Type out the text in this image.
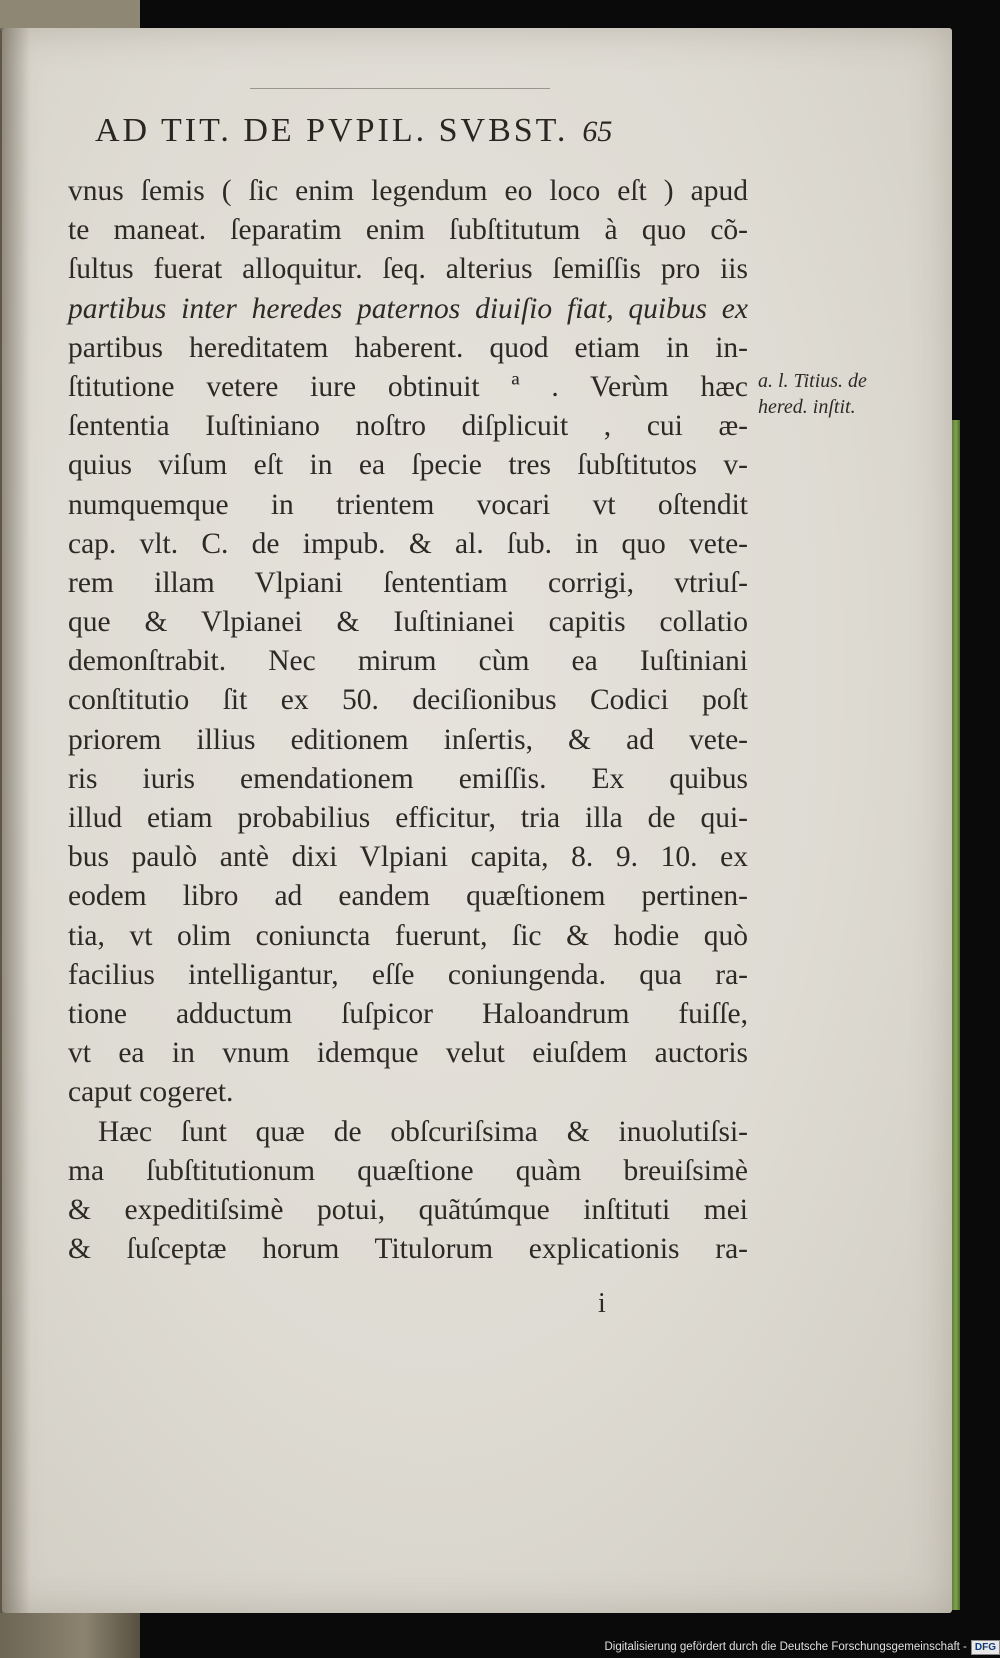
AD TIT. DE PVPIL. SVBST. 65
vnus ſemis ( ſic enim legendum eo loco eſt ) apud
te maneat. ſeparatim enim ſubſtitutum à quo cõ-
ſultus fuerat alloquitur. ſeq. alterius ſemiſſis pro iis
partibus inter heredes paternos diuiſio fiat, quibus ex
partibus hereditatem haberent. quod etiam in in-
ſtitutione vetere iure obtinuit ª . Verùm hæc
ſententia Iuſtiniano noſtro diſplicuit , cui æ-
quius viſum eſt in ea ſpecie tres ſubſtitutos v-
numquemque in trientem vocari vt oſtendit
cap. vlt. C. de impub. & al. ſub. in quo vete-
rem illam Vlpiani ſententiam corrigi, vtriuſ-
que & Vlpianei & Iuſtinianei capitis collatio
demonſtrabit. Nec mirum cùm ea Iuſtiniani
conſtitutio ſit ex 50. deciſionibus Codici poſt
priorem illius editionem inſertis, & ad vete-
ris iuris emendationem emiſſis. Ex quibus
illud etiam probabilius efficitur, tria illa de qui-
bus paulò antè dixi Vlpiani capita, 8. 9. 10. ex
eodem libro ad eandem quæſtionem pertinen-
tia, vt olim coniuncta fuerunt, ſic & hodie quò
facilius intelligantur, eſſe coniungenda. qua ra-
tione adductum ſuſpicor Haloandrum fuiſſe,
vt ea in vnum idemque velut eiuſdem auctoris
caput cogeret.
Hæc ſunt quæ de obſcuriſsima & inuolutiſsi-
ma ſubſtitutionum quæſtione quàm breuiſsimè
& expeditiſsimè potui, quãtúmque inſtituti mei
& ſuſceptæ horum Titulorum explicationis ra-
a. l. Titius. de
hered. inſtit.
i
Digitalisierung gefördert durch die Deutsche Forschungsgemeinschaft - DFG
